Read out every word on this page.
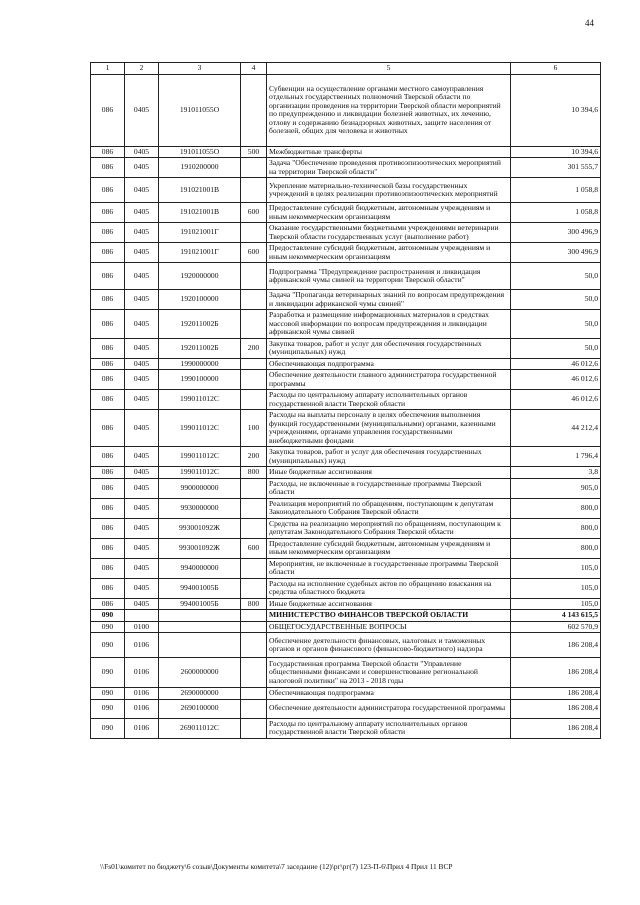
44
1	2	3	4	5	6
086	0405	191011055O		Субвенции на осуществление органами местного самоуправления отдельных государственных полномочий Тверской области по организации проведения на территории Тверской области мероприятий по предупреждению и ликвидации болезней животных, их лечению, отлову и содержанию безнадзорных животных, защите населения от болезней, общих для человека и животных	10 394,6
086	0405	191011055O	500	Межбюджетные трансферты	10 394,6
086	0405	1910200000		Задача "Обеспечение проведения противоэпизоотических мероприятий на территории Тверской области"	301 555,7
086	0405	191021001В		Укрепление материально-технической базы государственных учреждений в целях реализации противоэпизоотических мероприятий	1 058,8
086	0405	191021001В	600	Предоставление субсидий бюджетным, автономным учреждениям и иным некоммерческим организациям	1 058,8
086	0405	191021001Г		Оказание государственными бюджетными учреждениями ветеринарии Тверской области государственных услуг (выполнение работ)	300 496,9
086	0405	191021001Г	600	Предоставление субсидий бюджетным, автономным учреждениям и иным некоммерческим организациям	300 496,9
086	0405	1920000000		Подпрограмма "Предупреждение распространения и ликвидация африканской чумы свиней на территории Тверской области"	50,0
086	0405	1920100000		Задача "Пропаганда ветеринарных знаний по вопросам предупреждения и ликвидации африканской чумы свиней"	50,0
086	0405	192011002Б		Разработка и размещение информационных материалов в средствах массовой информации по вопросам предупреждения и ликвидации африканской чумы свиней	50,0
086	0405	192011002Б	200	Закупка товаров, работ и услуг для обеспечения государственных (муниципальных) нужд	50,0
086	0405	1990000000		Обеспечивающая подпрограмма	46 012,6
086	0405	1990100000		Обеспечение деятельности главного администратора государственной программы	46 012,6
086	0405	199011012С		Расходы по центральному аппарату исполнительных органов государственной власти Тверской области	46 012,6
086	0405	199011012С	100	Расходы на выплаты персоналу в целях обеспечения выполнения функций государственными (муниципальными) органами, казенными учреждениями, органами управления государственными внебюджетными фондами	44 212,4
086	0405	199011012С	200	Закупка товаров, работ и услуг для обеспечения государственных (муниципальных) нужд	1 796,4
086	0405	199011012С	800	Иные бюджетные ассигнования	3,8
086	0405	9900000000		Расходы, не включенные в государственные программы Тверской области	905,0
086	0405	9930000000		Реализация мероприятий по обращениям, поступающим к депутатам Законодательного Собрания Тверской области	800,0
086	0405	993001092Ж		Средства на реализацию мероприятий по обращениям, поступающим к депутатам Законодательного Собрания Тверской области	800,0
086	0405	993001092Ж	600	Предоставление субсидий бюджетным, автономным учреждениям и иным некоммерческим организациям	800,0
086	0405	9940000000		Мероприятия, не включенные в государственные программы Тверской области	105,0
086	0405	994001005Б		Расходы на исполнение судебных актов по обращению взыскания на средства областного бюджета	105,0
086	0405	994001005Б	800	Иные бюджетные ассигнования	105,0
090				МИНИСТЕРСТВО ФИНАНСОВ ТВЕРСКОЙ ОБЛАСТИ	4 143 615,5
090	0100			ОБЩЕГОСУДАРСТВЕННЫЕ ВОПРОСЫ	602 570,9
090	0106			Обеспечение деятельности финансовых, налоговых и таможенных органов и органов финансового (финансово-бюджетного) надзора	186 208,4
090	0106	2600000000		Государственная программа Тверской области "Управление общественными финансами и совершенствование региональной налоговой политики" на 2013 - 2018 годы	186 208,4
090	0106	2690000000		Обеспечивающая подпрограмма	186 208,4
090	0106	2690100000		Обеспечение деятельности администратора государственной программы	186 208,4
090	0106	269011012С		Расходы по центральному аппарату исполнительных органов государственной власти Тверской области	186 208,4
\\Fs01\комитет по бюджету\6 созыв\Документы комитета\7 заседание (12)\рг\рг(7) 123-П-6\Прил 4 Прил 11 ВСР
